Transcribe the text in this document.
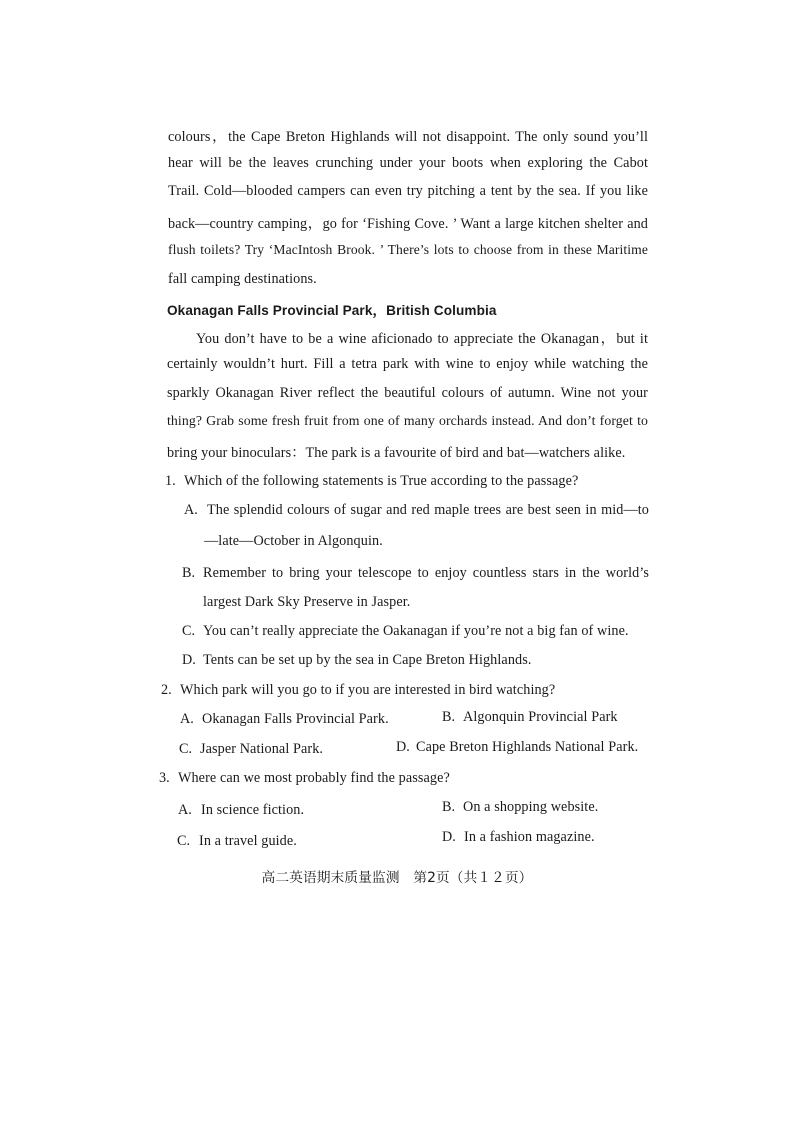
colours，the Cape Breton Highlands will not disappoint. The only sound you’ll
hear will be the leaves crunching under your boots when exploring the Cabot
Trail. Cold—blooded campers can even try pitching a tent by the sea. If you like
back—country camping，go for ‘Fishing Cove. ’ Want a large kitchen shelter and
flush toilets? Try ‘MacIntosh Brook. ’ There’s lots to choose from in these Maritime
fall camping destinations.
Okanagan Falls Provincial Park，British Columbia
You don’t have to be a wine aficionado to appreciate the Okanagan，but it
certainly wouldn’t hurt. Fill a tetra park with wine to enjoy while watching the
sparkly Okanagan River reflect the beautiful colours of autumn. Wine not your
thing? Grab some fresh fruit from one of many orchards instead. And don’t forget to
bring your binoculars：The park is a favourite of bird and bat—watchers alike.
1. Which of the following statements is True according to the passage?
A. The splendid colours of sugar and red maple trees are best seen in mid—to
—late—October in Algonquin.
B. Remember to bring your telescope to enjoy countless stars in the world’s
largest Dark Sky Preserve in Jasper.
C. You can’t really appreciate the Oakanagan if you’re not a big fan of wine.
D. Tents can be set up by the sea in Cape Breton Highlands.
2. Which park will you go to if you are interested in bird watching?
A. Okanagan Falls Provincial Park.	B. Algonquin Provincial Park
C. Jasper National Park.	D. Cape Breton Highlands National Park.
3. Where can we most probably find the passage?
A. In science fiction.	B. On a shopping website.
C. In a travel guide.	D. In a fashion magazine.
高二英语期末质量监测　第2页（共１２页）
